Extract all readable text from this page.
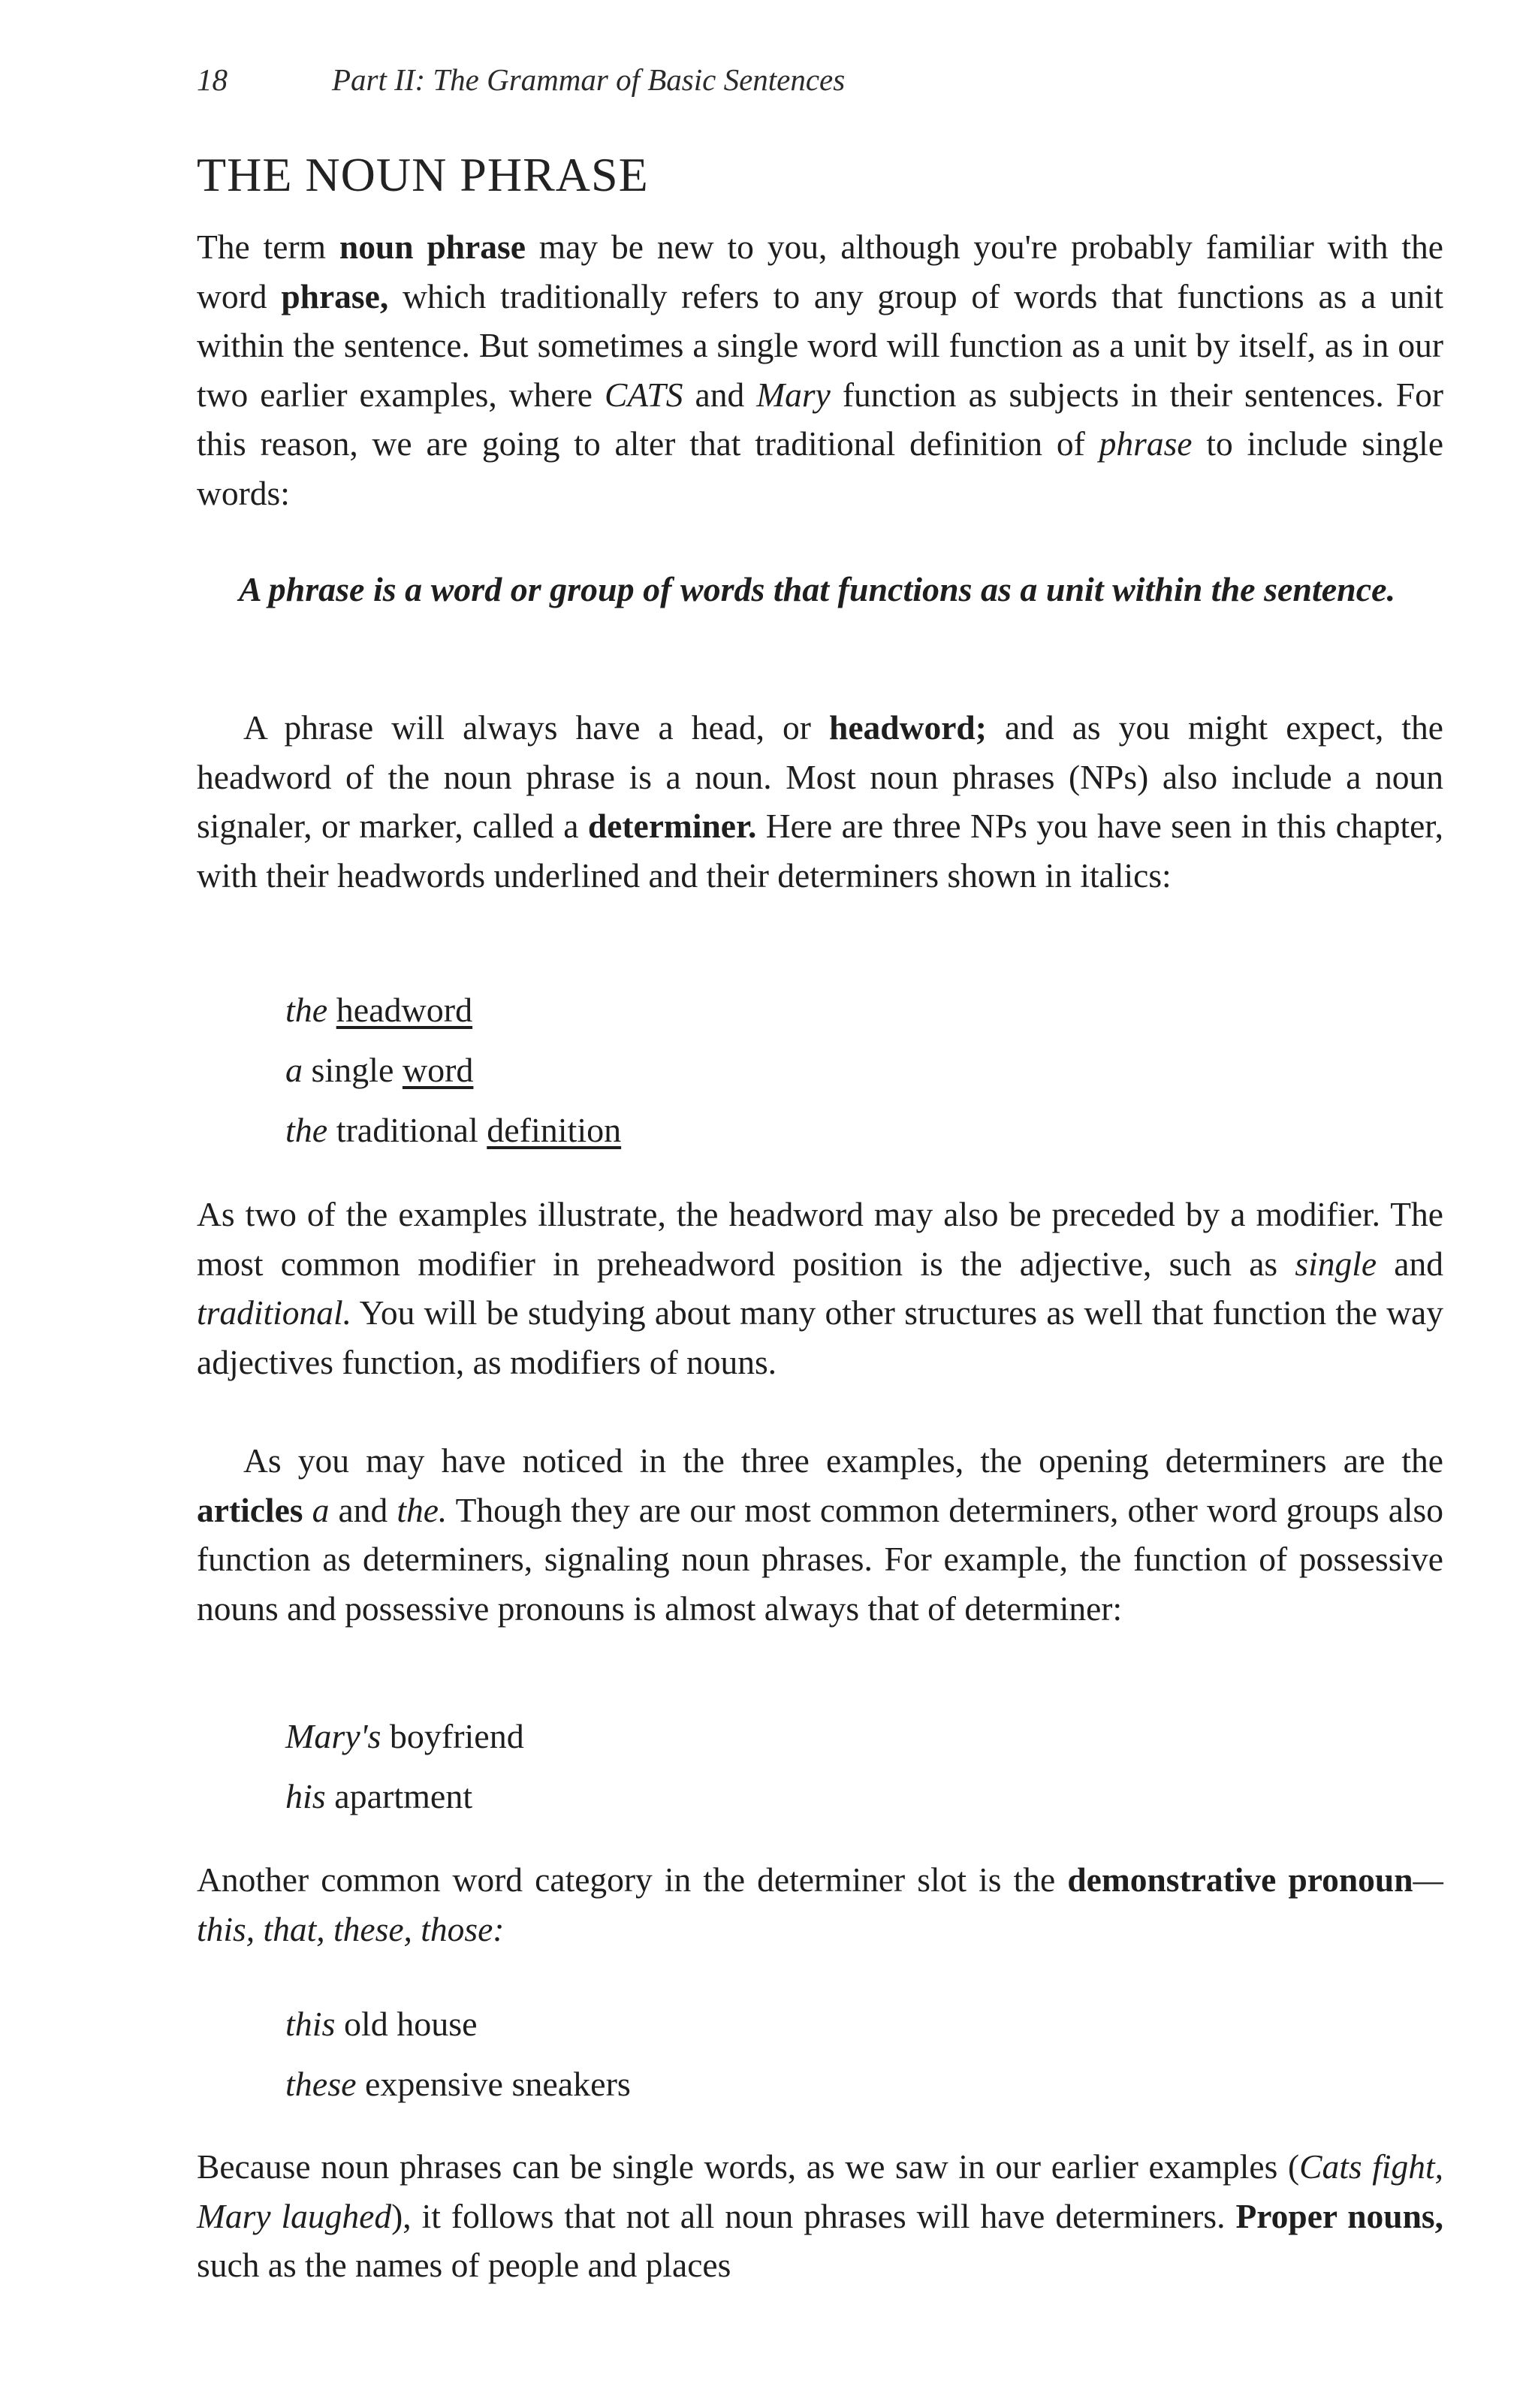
18	Part II: The Grammar of Basic Sentences
THE NOUN PHRASE

The term noun phrase may be new to you, although you're probably familiar with the word phrase, which traditionally refers to any group of words that functions as a unit within the sentence. But sometimes a single word will function as a unit by itself, as in our two earlier examples, where CATS and Mary function as subjects in their sentences. For this reason, we are going to alter that traditional definition of phrase to include single words:

A phrase is a word or group of words that functions as a unit within the sentence.

A phrase will always have a head, or headword; and as you might expect, the headword of the noun phrase is a noun. Most noun phrases (NPs) also include a noun signaler, or marker, called a determiner. Here are three NPs you have seen in this chapter, with their headwords underlined and their determiners shown in italics:

the headword
a single word
the traditional definition

As two of the examples illustrate, the headword may also be preceded by a modifier. The most common modifier in preheadword position is the adjective, such as single and traditional. You will be studying about many other structures as well that function the way adjectives function, as modifiers of nouns.

As you may have noticed in the three examples, the opening determiners are the articles a and the. Though they are our most common determiners, other word groups also function as determiners, signaling noun phrases. For example, the function of possessive nouns and possessive pronouns is almost always that of determiner:

Mary's boyfriend
his apartment

Another common word category in the determiner slot is the demonstrative pronoun—this, that, these, those:

this old house
these expensive sneakers

Because noun phrases can be single words, as we saw in our earlier examples (Cats fight, Mary laughed), it follows that not all noun phrases will have determiners. Proper nouns, such as the names of people and places
